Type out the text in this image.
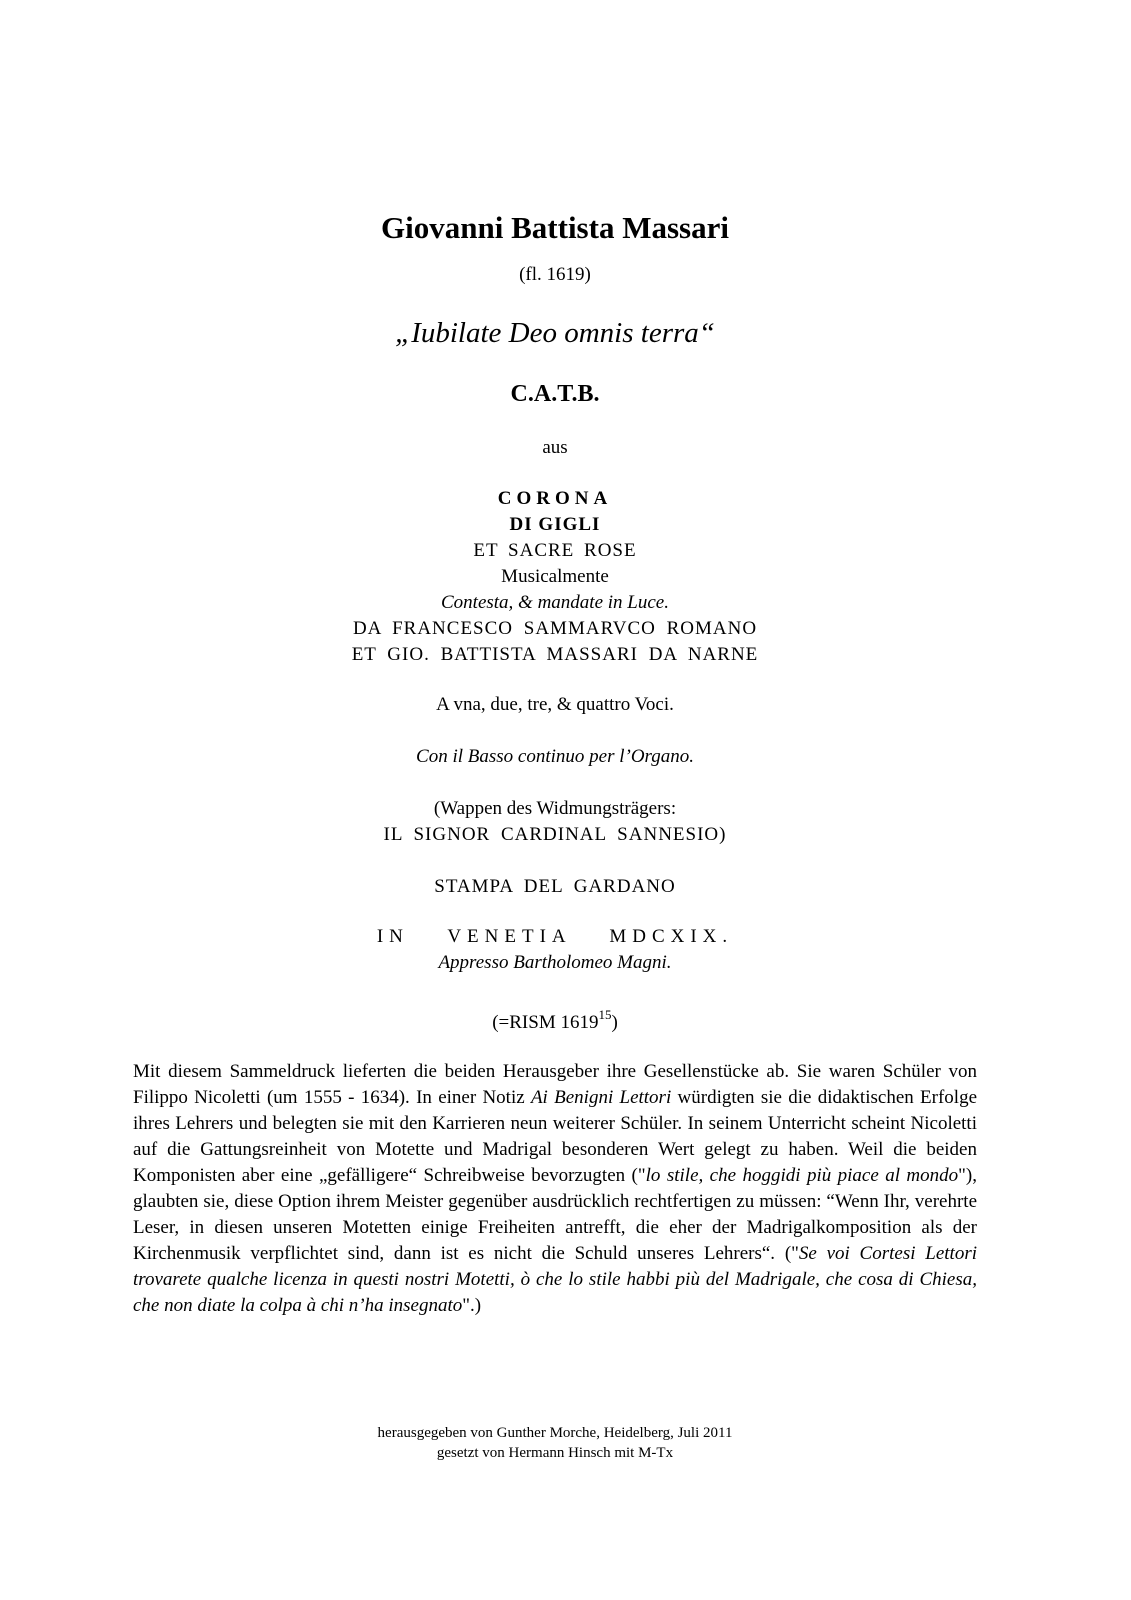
Giovanni Battista Massari
(fl. 1619)
„Iubilate Deo omnis terra“
C.A.T.B.
aus
CORONA
DI GIGLI
ET SACRE ROSE
Musicalmente
Contesta, & mandate in Luce.
DA FRANCESCO SAMMARVCO ROMANO
ET GIO. BATTISTA MASSARI DA NARNE
A vna, due, tre, & quattro Voci.
Con il Basso continuo per l’Organo.
(Wappen des Widmungsträgers:
IL SIGNOR CARDINAL SANNESIO)
STAMPA DEL GARDANO
IN VENETIA MDCXIX.
Appresso Bartholomeo Magni.
(=RISM 1619$^{15}$)
Mit diesem Sammeldruck lieferten die beiden Herausgeber ihre Gesellenstücke ab. Sie waren Schüler von Filippo Nicoletti (um 1555 - 1634). In einer Notiz Ai Benigni Lettori würdigten sie die didaktischen Erfolge ihres Lehrers und belegten sie mit den Karrieren neun weiterer Schüler. In seinem Unterricht scheint Nicoletti auf die Gattungsreinheit von Motette und Madrigal besonderen Wert gelegt zu haben. Weil die beiden Komponisten aber eine „gefälligere“ Schreibweise bevorzugten ("lo stile, che hoggidi più piace al mondo"), glaubten sie, diese Option ihrem Meister gegenüber ausdrücklich rechtfertigen zu müssen: “Wenn Ihr, verehrte Leser, in diesen unseren Motetten einige Freiheiten antrefft, die eher der Madrigalkomposition als der Kirchenmusik verpflichtet sind, dann ist es nicht die Schuld unseres Lehrers“. ("Se voi Cortesi Lettori trovarete qualche licenza in questi nostri Motetti, ò che lo stile habbi più del Madrigale, che cosa di Chiesa, che non diate la colpa à chi n’ha insegnato".)
herausgegeben von Gunther Morche, Heidelberg, Juli 2011
gesetzt von Hermann Hinsch mit M-Tx
